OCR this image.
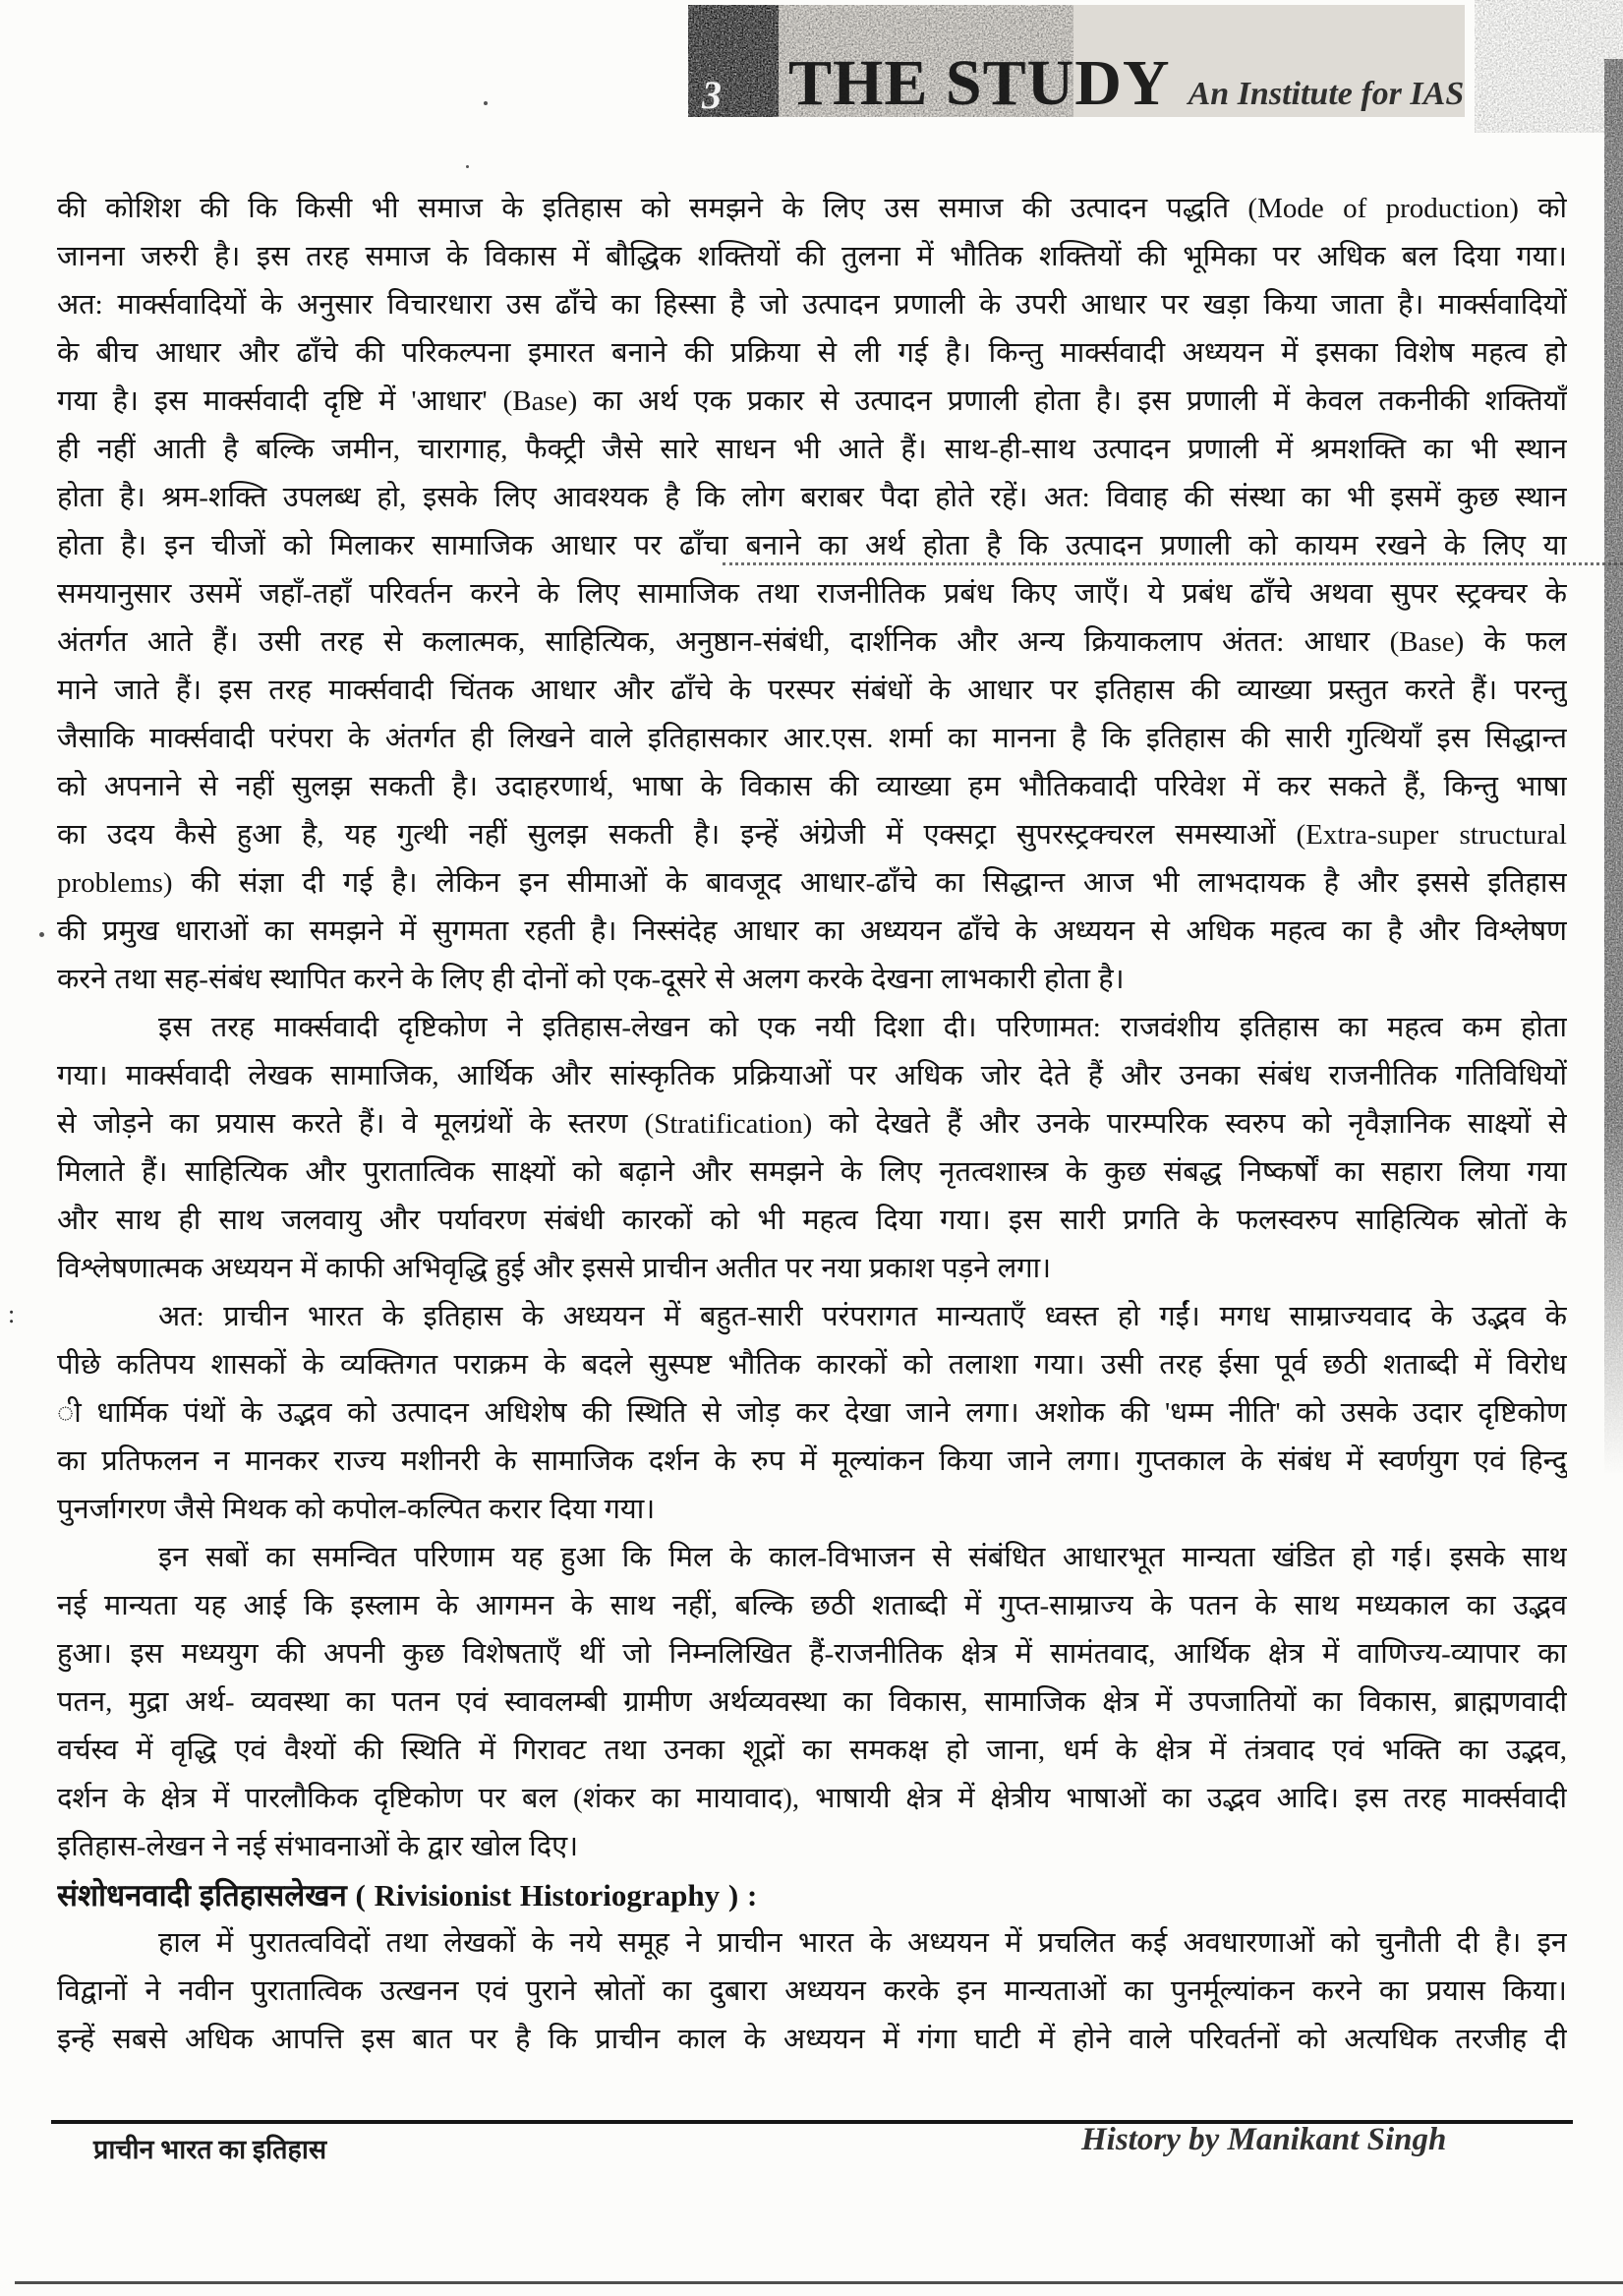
3 THE STUDY An Institute for IAS
की कोशिश की कि किसी भी समाज के इतिहास को समझने के लिए उस समाज की उत्पादन पद्धति (Mode of production) को
जानना जरुरी है। इस तरह समाज के विकास में बौद्धिक शक्तियों की तुलना में भौतिक शक्तियों की भूमिका पर अधिक बल दिया गया।
अत: मार्क्सवादियों के अनुसार विचारधारा उस ढाँचे का हिस्सा है जो उत्पादन प्रणाली के उपरी आधार पर खड़ा किया जाता है। मार्क्सवादियों
के बीच आधार और ढाँचे की परिकल्पना इमारत बनाने की प्रक्रिया से ली गई है। किन्तु मार्क्सवादी अध्ययन में इसका विशेष महत्व हो
गया है। इस मार्क्सवादी दृष्टि में 'आधार' (Base) का अर्थ एक प्रकार से उत्पादन प्रणाली होता है। इस प्रणाली में केवल तकनीकी शक्तियाँ
ही नहीं आती है बल्कि जमीन, चारागाह, फैक्ट्री जैसे सारे साधन भी आते हैं। साथ-ही-साथ उत्पादन प्रणाली में श्रमशक्ति का भी स्थान
होता है। श्रम-शक्ति उपलब्ध हो, इसके लिए आवश्यक है कि लोग बराबर पैदा होते रहें। अत: विवाह की संस्था का भी इसमें कुछ स्थान
होता है। इन चीजों को मिलाकर सामाजिक आधार पर ढाँचा बनाने का अर्थ होता है कि उत्पादन प्रणाली को कायम रखने के लिए या
समयानुसार उसमें जहाँ-तहाँ परिवर्तन करने के लिए सामाजिक तथा राजनीतिक प्रबंध किए जाएँ। ये प्रबंध ढाँचे अथवा सुपर स्ट्रक्चर के
अंतर्गत आते हैं। उसी तरह से कलात्मक, साहित्यिक, अनुष्ठान-संबंधी, दार्शनिक और अन्य क्रियाकलाप अंतत: आधार (Base) के फल
माने जाते हैं। इस तरह मार्क्सवादी चिंतक आधार और ढाँचे के परस्पर संबंधों के आधार पर इतिहास की व्याख्या प्रस्तुत करते हैं। परन्तु
जैसाकि मार्क्सवादी परंपरा के अंतर्गत ही लिखने वाले इतिहासकार आर.एस. शर्मा का मानना है कि इतिहास की सारी गुत्थियाँ इस सिद्धान्त
को अपनाने से नहीं सुलझ सकती है। उदाहरणार्थ, भाषा के विकास की व्याख्या हम भौतिकवादी परिवेश में कर सकते हैं, किन्तु भाषा
का उदय कैसे हुआ है, यह गुत्थी नहीं सुलझ सकती है। इन्हें अंग्रेजी में एक्सट्रा सुपरस्ट्रक्चरल समस्याओं (Extra-super structural
problems) की संज्ञा दी गई है। लेकिन इन सीमाओं के बावजूद आधार-ढाँचे का सिद्धान्त आज भी लाभदायक है और इससे इतिहास
की प्रमुख धाराओं का समझने में सुगमता रहती है। निस्संदेह आधार का अध्ययन ढाँचे के अध्ययन से अधिक महत्व का है और विश्लेषण
करने तथा सह-संबंध स्थापित करने के लिए ही दोनों को एक-दूसरे से अलग करके देखना लाभकारी होता है।
इस तरह मार्क्सवादी दृष्टिकोण ने इतिहास-लेखन को एक नयी दिशा दी। परिणामत: राजवंशीय इतिहास का महत्व कम होता
गया। मार्क्सवादी लेखक सामाजिक, आर्थिक और सांस्कृतिक प्रक्रियाओं पर अधिक जोर देते हैं और उनका संबंध राजनीतिक गतिविधियों
से जोड़ने का प्रयास करते हैं। वे मूलग्रंथों के स्तरण (Stratification) को देखते हैं और उनके पारम्परिक स्वरुप को नृवैज्ञानिक साक्ष्यों से
मिलाते हैं। साहित्यिक और पुरातात्विक साक्ष्यों को बढ़ाने और समझने के लिए नृतत्वशास्त्र के कुछ संबद्ध निष्कर्षों का सहारा लिया गया
और साथ ही साथ जलवायु और पर्यावरण संबंधी कारकों को भी महत्व दिया गया। इस सारी प्रगति के फलस्वरुप साहित्यिक स्रोतों के
विश्लेषणात्मक अध्ययन में काफी अभिवृद्धि हुई और इससे प्राचीन अतीत पर नया प्रकाश पड़ने लगा।
अत: प्राचीन भारत के इतिहास के अध्ययन में बहुत-सारी परंपरागत मान्यताएँ ध्वस्त हो गईं। मगध साम्राज्यवाद के उद्भव के
पीछे कतिपय शासकों के व्यक्तिगत पराक्रम के बदले सुस्पष्ट भौतिक कारकों को तलाशा गया। उसी तरह ईसा पूर्व छठी शताब्दी में विरोध
ी धार्मिक पंथों के उद्भव को उत्पादन अधिशेष की स्थिति से जोड़ कर देखा जाने लगा। अशोक की 'धम्म नीति' को उसके उदार दृष्टिकोण
का प्रतिफलन न मानकर राज्य मशीनरी के सामाजिक दर्शन के रुप में मूल्यांकन किया जाने लगा। गुप्तकाल के संबंध में स्वर्णयुग एवं हिन्दु
पुनर्जागरण जैसे मिथक को कपोल-कल्पित करार दिया गया।
इन सबों का समन्वित परिणाम यह हुआ कि मिल के काल-विभाजन से संबंधित आधारभूत मान्यता खंडित हो गई। इसके साथ
नई मान्यता यह आई कि इस्लाम के आगमन के साथ नहीं, बल्कि छठी शताब्दी में गुप्त-साम्राज्य के पतन के साथ मध्यकाल का उद्भव
हुआ। इस मध्ययुग की अपनी कुछ विशेषताएँ थीं जो निम्नलिखित हैं-राजनीतिक क्षेत्र में सामंतवाद, आर्थिक क्षेत्र में वाणिज्य-व्यापार का
पतन, मुद्रा अर्थ- व्यवस्था का पतन एवं स्वावलम्बी ग्रामीण अर्थव्यवस्था का विकास, सामाजिक क्षेत्र में उपजातियों का विकास, ब्राह्मणवादी
वर्चस्व में वृद्धि एवं वैश्यों की स्थिति में गिरावट तथा उनका शूद्रों का समकक्ष हो जाना, धर्म के क्षेत्र में तंत्रवाद एवं भक्ति का उद्भव,
दर्शन के क्षेत्र में पारलौकिक दृष्टिकोण पर बल (शंकर का मायावाद), भाषायी क्षेत्र में क्षेत्रीय भाषाओं का उद्भव आदि। इस तरह मार्क्सवादी
इतिहास-लेखन ने नई संभावनाओं के द्वार खोल दिए।
संशोधनवादी इतिहासलेखन ( Rivisionist Historiography ) :
हाल में पुरातत्वविदों तथा लेखकों के नये समूह ने प्राचीन भारत के अध्ययन में प्रचलित कई अवधारणाओं को चुनौती दी है। इन
विद्वानों ने नवीन पुरातात्विक उत्खनन एवं पुराने स्रोतों का दुबारा अध्ययन करके इन मान्यताओं का पुनर्मूल्यांकन करने का प्रयास किया।
इन्हें सबसे अधिक आपत्ति इस बात पर है कि प्राचीन काल के अध्ययन में गंगा घाटी में होने वाले परिवर्तनों को अत्यधिक तरजीह दी
:
प्राचीन भारत का इतिहास	History by Manikant Singh
